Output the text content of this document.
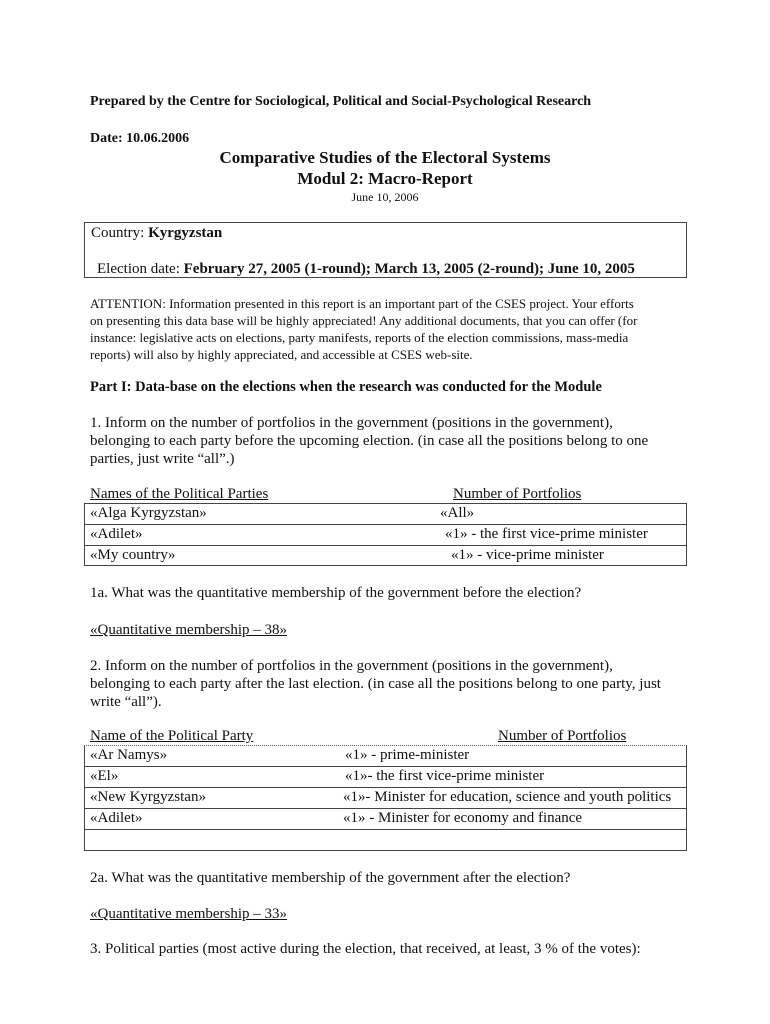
Prepared by the Centre for Sociological, Political and Social-Psychological Research
Date: 10.06.2006
Comparative Studies of the Electoral Systems
Modul 2: Macro-Report
June 10, 2006
Country: Kyrgyzstan
Election date: February 27, 2005 (1-round); March 13, 2005 (2-round); June 10, 2005
ATTENTION: Information presented in this report is an important part of the CSES project. Your efforts
on presenting this data base will be highly appreciated! Any additional documents, that you can offer (for
instance: legislative acts on elections, party manifests, reports of the election commissions, mass-media
reports) will also by highly appreciated, and accessible at CSES web-site.
Part I: Data-base on the elections when the research was conducted for the Module
1. Inform on the number of portfolios in the government (positions in the government),
belonging to each party before the upcoming election. (in case all the positions belong to one
parties, just write “all”.)
Names of the Political Parties	Number of Portfolios
«Alga Kyrgyzstan»	«All»
«Adilet»	«1» - the first vice-prime minister
«My country»	«1» - vice-prime minister
1a. What was the quantitative membership of the government before the election?
«Quantitative membership – 38»
2. Inform on the number of portfolios in the government (positions in the government),
belonging to each party after the last election. (in case all the positions belong to one party, just
write “all”).
Name of the Political Party	Number of Portfolios
«Ar Namys»	«1» - prime-minister
«El»	«1»- the first vice-prime minister
«New Kyrgyzstan»	«1»- Minister for education, science and youth politics
«Adilet»	«1» - Minister for economy and finance
2a. What was the quantitative membership of the government after the election?
«Quantitative membership – 33»
3. Political parties (most active during the election, that received, at least, 3 % of the votes):
